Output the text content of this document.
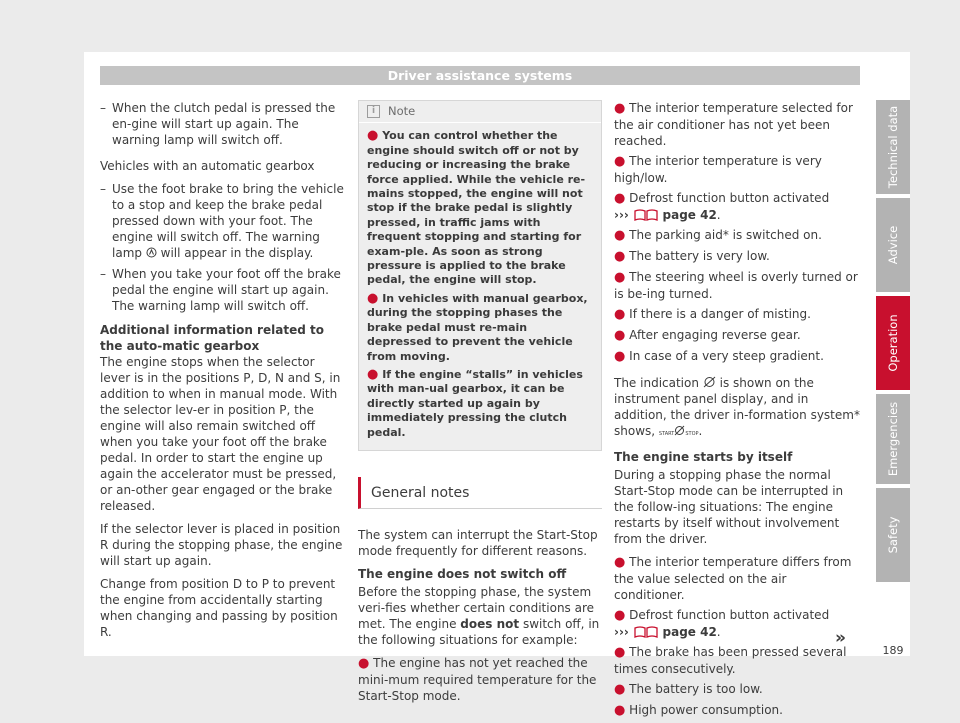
Driver assistance systems
– When the clutch pedal is pressed the en-gine will start up again. The warning lamp will switch off.
Vehicles with an automatic gearbox
– Use the foot brake to bring the vehicle to a stop and keep the brake pedal pressed down with your foot. The engine will switch off. The warning lamp will appear in the display.
– When you take your foot off the brake pedal the engine will start up again. The warning lamp will switch off.
Additional information related to the auto-matic gearbox
The engine stops when the selector lever is in the positions P, D, N and S, in addition to when in manual mode. With the selector lev-er in position P, the engine will also remain switched off when you take your foot off the brake pedal. In order to start the engine up again the accelerator must be pressed, or an-other gear engaged or the brake released.
If the selector lever is placed in position R during the stopping phase, the engine will start up again.
Change from position D to P to prevent the engine from accidentally starting when changing and passing by position R.
i	Note
● You can control whether the engine should switch off or not by reducing or increasing the brake force applied. While the vehicle re-mains stopped, the engine will not stop if the brake pedal is slightly pressed, in traffic jams with frequent stopping and starting for exam-ple. As soon as strong pressure is applied to the brake pedal, the engine will stop.
● In vehicles with manual gearbox, during the stopping phases the brake pedal must re-main depressed to prevent the vehicle from moving.
● If the engine “stalls” in vehicles with man-ual gearbox, it can be directly started up again by immediately pressing the clutch pedal.
General notes
The system can interrupt the Start-Stop mode frequently for different reasons.
The engine does not switch off
Before the stopping phase, the system veri-fies whether certain conditions are met. The engine does not switch off, in the following situations for example:
● The engine has not yet reached the mini-mum required temperature for the Start-Stop mode.
● The interior temperature selected for the air conditioner has not yet been reached.
● The interior temperature is very high/low.
● Defrost function button activated
›››	page 42.
● The parking aid* is switched on.
● The battery is very low.
● The steering wheel is overly turned or is be-ing turned.
● If there is a danger of misting.
● After engaging reverse gear.
● In case of a very steep gradient.
The indication is shown on the instrument panel display, and in addition, the driver in-formation system* shows, START STOP.
The engine starts by itself
During a stopping phase the normal Start-Stop mode can be interrupted in the follow-ing situations: The engine restarts by itself without involvement from the driver.
● The interior temperature differs from the value selected on the air conditioner.
● Defrost function button activated
›››	page 42.
● The brake has been pressed several times consecutively.
● The battery is too low.
● High power consumption.
»
Technical data
Advice
Operation
Emergencies
Safety
189
